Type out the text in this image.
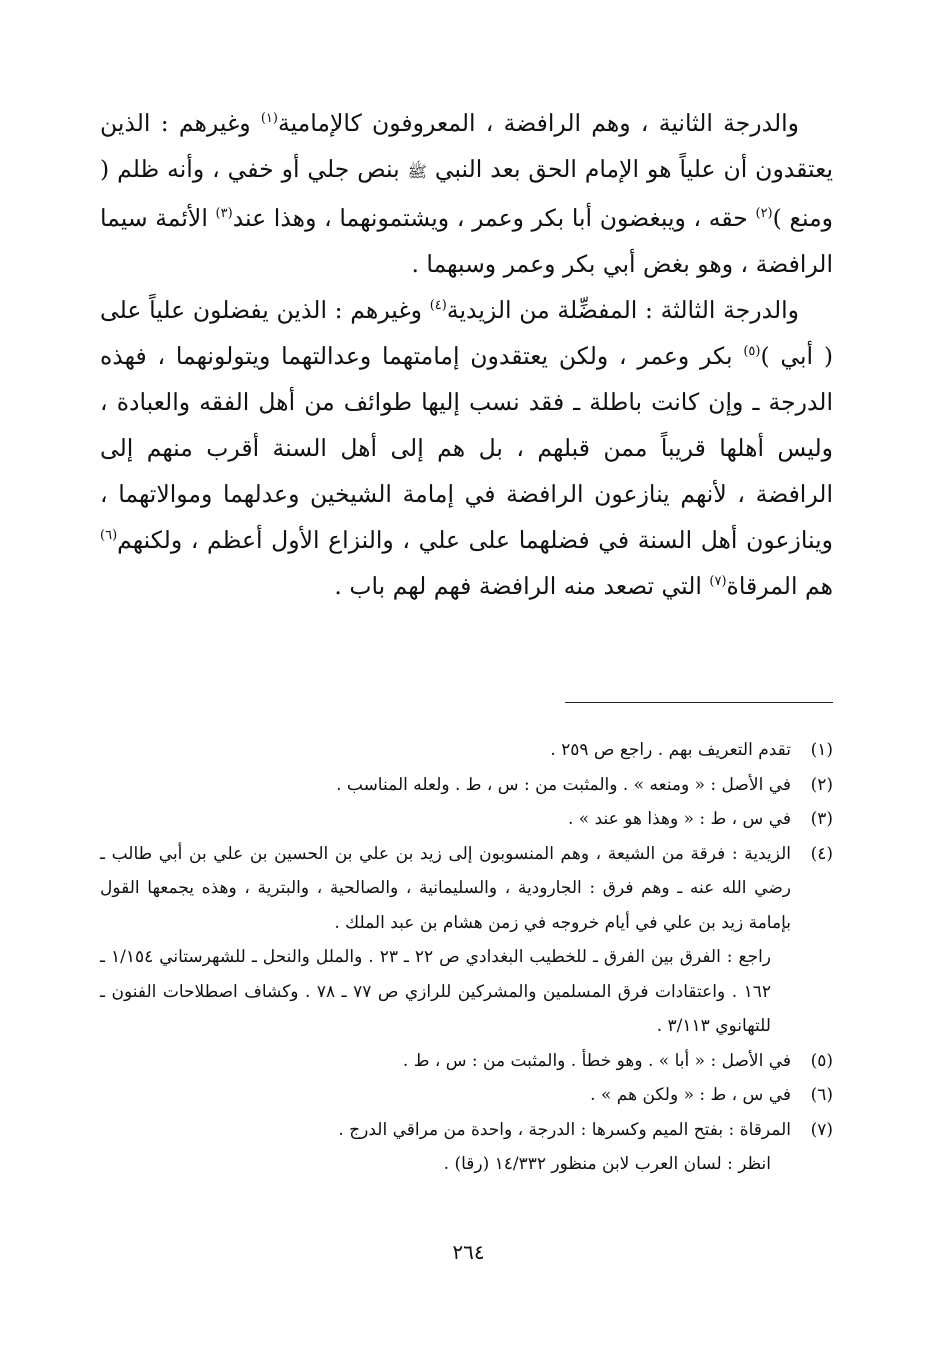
والدرجة الثانية ، وهم الرافضة ، المعروفون كالإمامية$^{(١)}$ وغيرهم : الذين يعتقدون أن علياً هو الإمام الحق بعد النبي ﷺ بنص جلي أو خفي ، وأنه ظلم ( ومنع )$^{(٢)}$ حقه ، ويبغضون أبا بكر وعمر ، ويشتمونهما ، وهذا عند$^{(٣)}$ الأئمة سيما الرافضة ، وهو بغض أبي بكر وعمر وسبهما .

والدرجة الثالثة : المفضِّلة من الزيدية$^{(٤)}$ وغيرهم : الذين يفضلون علياً على ( أبي )$^{(٥)}$ بكر وعمر ، ولكن يعتقدون إمامتهما وعدالتهما ويتولونهما ، فهذه الدرجة ـ وإن كانت باطلة ـ فقد نسب إليها طوائف من أهل الفقه والعبادة ، وليس أهلها قريباً ممن قبلهم ، بل هم إلى أهل السنة أقرب منهم إلى الرافضة ، لأنهم ينازعون الرافضة في إمامة الشيخين وعدلهما وموالاتهما ، وينازعون أهل السنة في فضلهما على علي ، والنزاع الأول أعظم ، ولكنهم$^{(٦)}$ هم المرقاة$^{(٧)}$ التي تصعد منه الرافضة فهم لهم باب .

(١)
تقدم التعريف بهم . راجع ص ٢٥٩ .
(٢)
في الأصل : « ومنعه » . والمثبت من : س ، ط . ولعله المناسب .
(٣)
في س ، ط : « وهذا هو عند » .
(٤)
الزيدية : فرقة من الشيعة ، وهم المنسوبون إلى زيد بن علي بن الحسين بن علي بن أبي طالب ـ رضي الله عنه ـ وهم فرق : الجارودية ، والسليمانية ، والصالحية ، والبترية ، وهذه يجمعها القول بإمامة زيد بن علي في أيام خروجه في زمن هشام بن عبد الملك .
راجع : الفرق بين الفرق ـ للخطيب البغدادي ص ٢٢ ـ ٢٣ . والملل والنحل ـ للشهرستاني ١/١٥٤ ـ ١٦٢ . واعتقادات فرق المسلمين والمشركين للرازي ص ٧٧ ـ ٧٨ . وكشاف اصطلاحات الفنون ـ للتهانوي ٣/١١٣ .
(٥)
في الأصل : « أبا » . وهو خطأ . والمثبت من : س ، ط .
(٦)
في س ، ط : « ولكن هم » .
(٧)
المرقاة : بفتح الميم وكسرها : الدرجة ، واحدة من مراقي الدرج .
انظر : لسان العرب لابن منظور ١٤/٣٣٢ (رقا) .
٢٦٤
